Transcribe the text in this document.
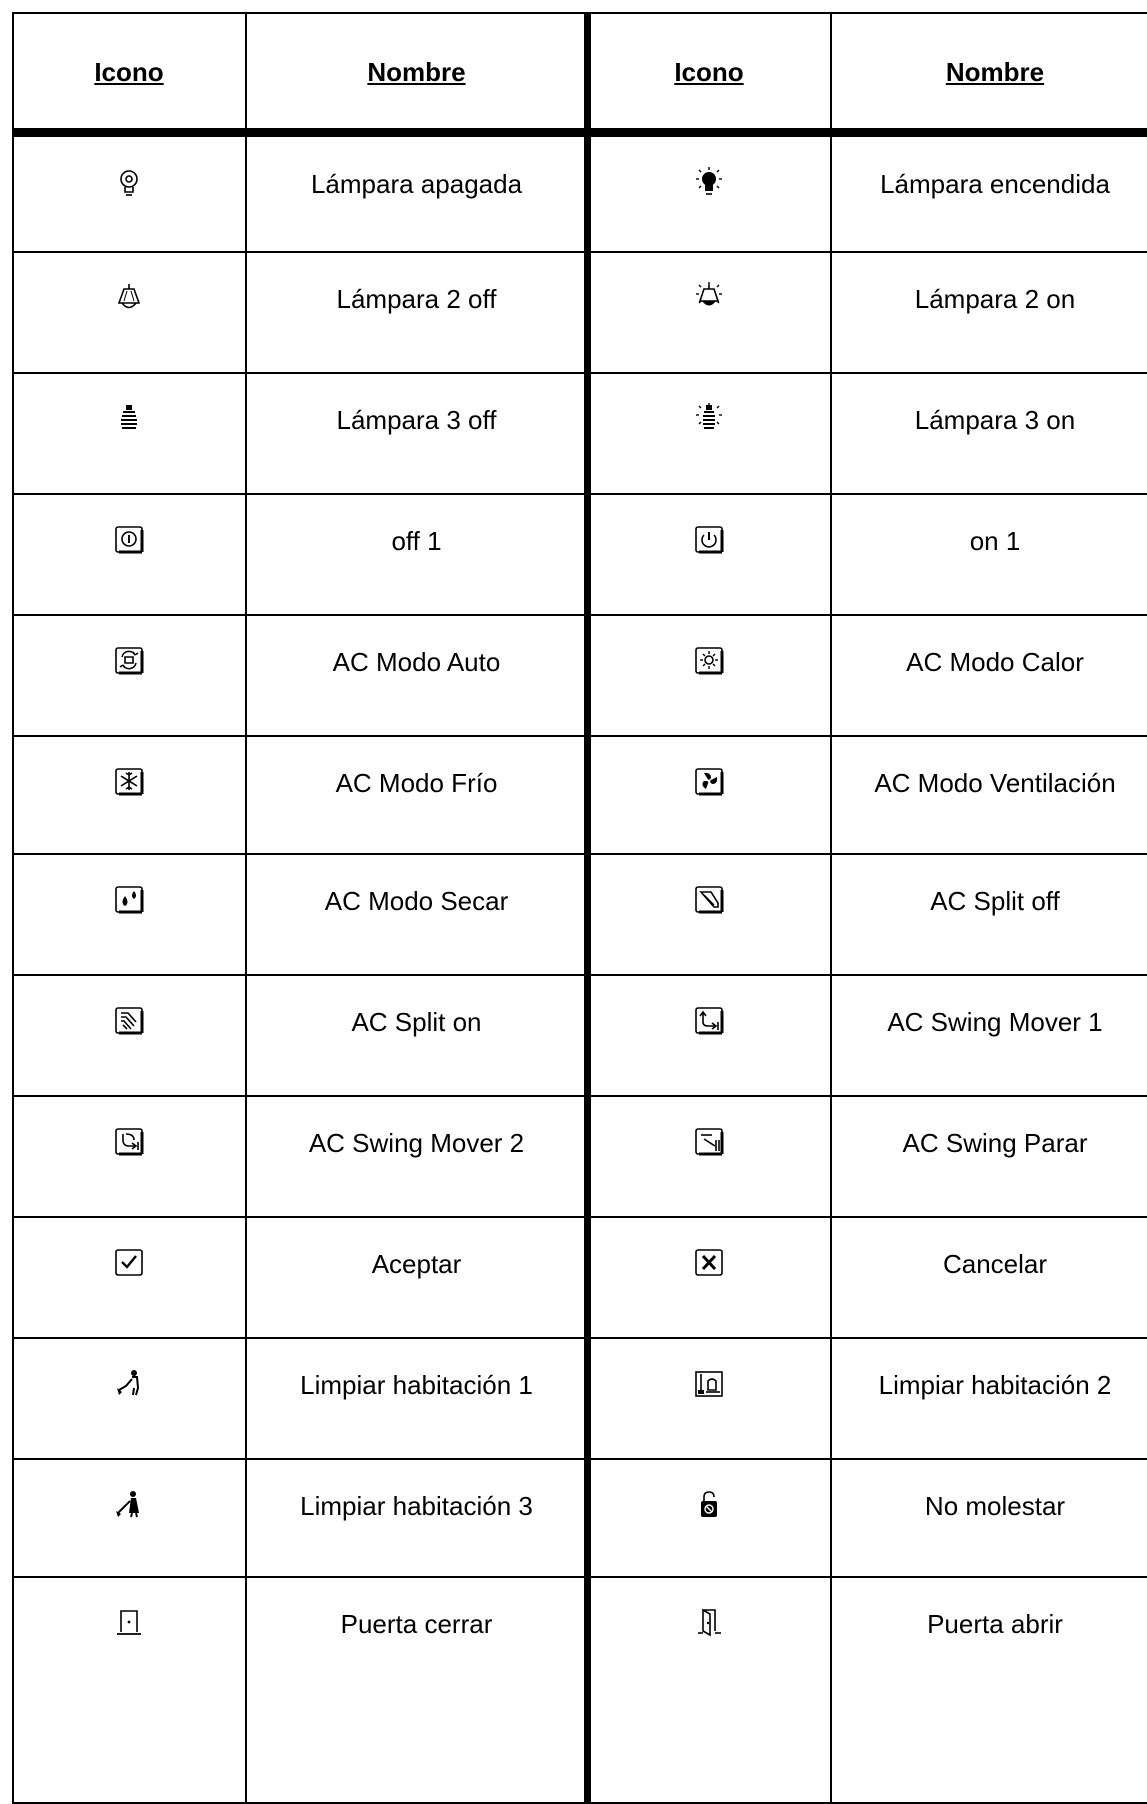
Icono	Nombre	Icono	Nombre
Lámpara apagada	Lámpara encendida
Lámpara 2 off	Lámpara 2 on
Lámpara 3 off	Lámpara 3 on
off 1	on 1
AC Modo Auto	AC Modo Calor
AC Modo Frío	AC Modo Ventilación
AC Modo Secar	AC Split off
AC Split on	AC Swing Mover 1
AC Swing Mover 2	AC Swing Parar
Aceptar	Cancelar
Limpiar habitación 1	Limpiar habitación 2
Limpiar habitación 3	No molestar
Puerta cerrar	Puerta abrir
